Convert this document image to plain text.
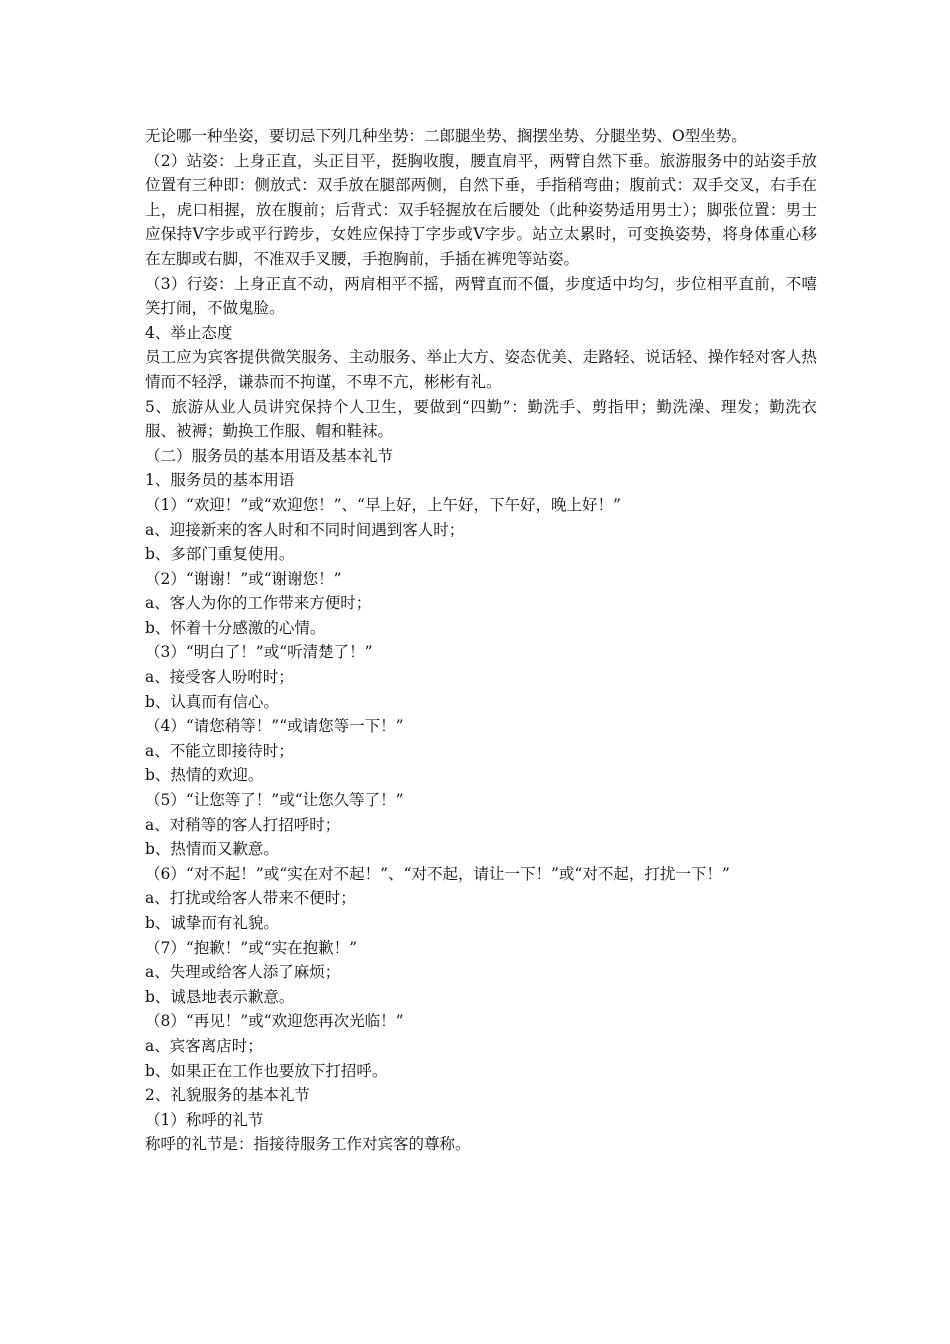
无论哪一种坐姿，要切忌下列几种坐势：二郎腿坐势、搁摆坐势、分腿坐势、O型坐势。

（2）站姿：上身正直，头正目平，挺胸收腹，腰直肩平，两臂自然下垂。旅游服务中的站姿手放位置有三种即：侧放式：双手放在腿部两侧，自然下垂，手指稍弯曲；腹前式：双手交叉，右手在上，虎口相握，放在腹前；后背式：双手轻握放在后腰处（此种姿势适用男士）；脚张位置：男士应保持Ⅴ字步或平行跨步，女姓应保持丁字步或Ⅴ字步。站立太累时，可变换姿势，将身体重心移在左脚或右脚，不准双手叉腰，手抱胸前，手插在裤兜等站姿。

（3）行姿：上身正直不动，两肩相平不摇，两臂直而不僵，步度适中均匀，步位相平直前，不嘻笑打闹，不做鬼脸。

4、举止态度

员工应为宾客提供微笑服务、主动服务、举止大方、姿态优美、走路轻、说话轻、操作轻对客人热情而不轻浮，谦恭而不拘谨，不卑不亢，彬彬有礼。

5、旅游从业人员讲究保持个人卫生，要做到“四勤”：勤洗手、剪指甲；勤洗澡、理发；勤洗衣服、被褥；勤换工作服、帽和鞋袜。

（二）服务员的基本用语及基本礼节

1、服务员的基本用语

（1）“欢迎！”或“欢迎您！”、“早上好，上午好，下午好，晚上好！”

a、迎接新来的客人时和不同时间遇到客人时；

b、多部门重复使用。

（2）“谢谢！”或“谢谢您！”

a、客人为你的工作带来方便时；

b、怀着十分感激的心情。

（3）“明白了！”或“听清楚了！”

a、接受客人吩咐时；

b、认真而有信心。

（4）“请您稍等！”“或请您等一下！”

a、不能立即接待时；

b、热情的欢迎。

（5）“让您等了！”或“让您久等了！”

a、对稍等的客人打招呼时；

b、热情而又歉意。

（6）“对不起！”或“实在对不起！”、“对不起，请让一下！”或“对不起，打扰一下！”

a、打扰或给客人带来不便时；

b、诚挚而有礼貌。

（7）“抱歉！”或“实在抱歉！”

a、失理或给客人添了麻烦；

b、诚恳地表示歉意。

（8）“再见！”或“欢迎您再次光临！”

a、宾客离店时；

b、如果正在工作也要放下打招呼。

2、礼貌服务的基本礼节

（1）称呼的礼节

称呼的礼节是：指接待服务工作对宾客的尊称。
